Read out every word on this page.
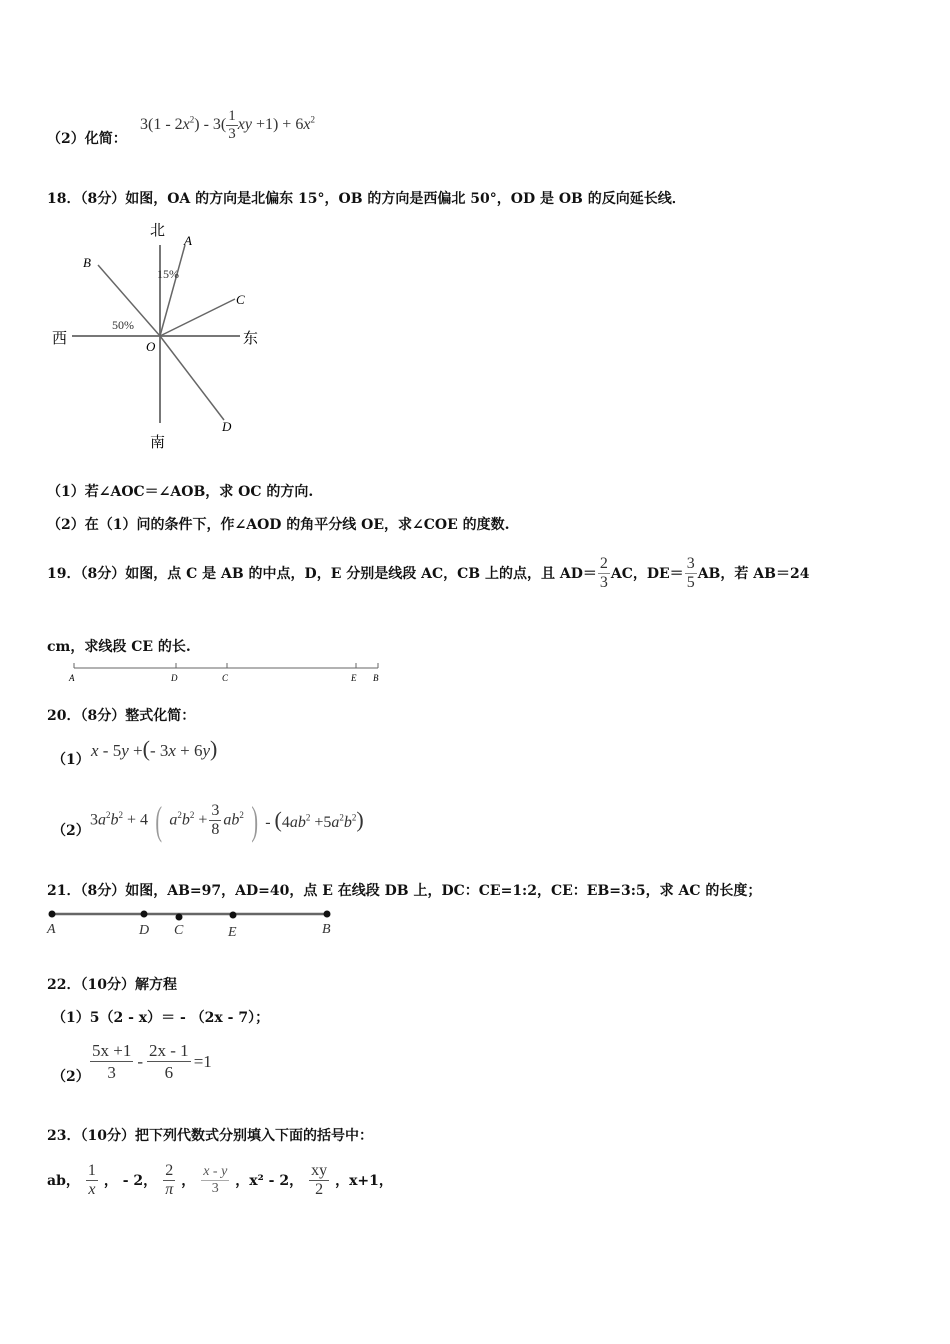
（2）化简：
$3(1 - 2x^2) - 3( \frac{1}{3}$ xy $+1) + 6x^2$
18．（8分）如图，OA 的方向是北偏东 15°，OB 的方向是西偏北 50°，OD 是 OB 的反向延长线．
北
南
西	东
O
A
B
C
D
15%
50%
（1）若∠AOC＝∠AOB，求 OC 的方向.
（2）在（1）问的条件下，作∠AOD 的角平分线 OE，求∠COE 的度数.
19．（8分）如图，点 C 是 AB 的中点，D，E 分别是线段 AC，CB 上的点，且 $AD= \frac{2}{3}$ AC，$DE= \frac{3}{5}$ AB，若 AB＝24
cm，求线段 CE 的长.
A	D	C	E B
20．（8分）整式化简：
（1） x - 5y +(- 3x + 6y)
（2）
$3a^2b^2 + 4$ ( $a^2b^2 + \frac{3}{8} ab^2$ ) - $(4ab^2 +5a^2b^2)$
21．（8分）如图，AB=97，AD=40，点 E 在线段 DB 上，DC：CE=1:2，CE：EB=3:5，求 AC 的长度；
A	D C	E	B
22．（10分）解方程
（1）5（2 - x）＝ - （2x - 7）；
$(2) \frac{5x +1}{3} - \frac{2x - 1}{6} =1$
23．（10分）把下列代数式分别填入下面的括号中：
ab， $\frac{1}{x}$ ， - 2， $\frac{2}{\pi}$ ， $\frac{x - y}{3}$ ，x² - 2， $\frac{xy}{2}$ ，x+1，
